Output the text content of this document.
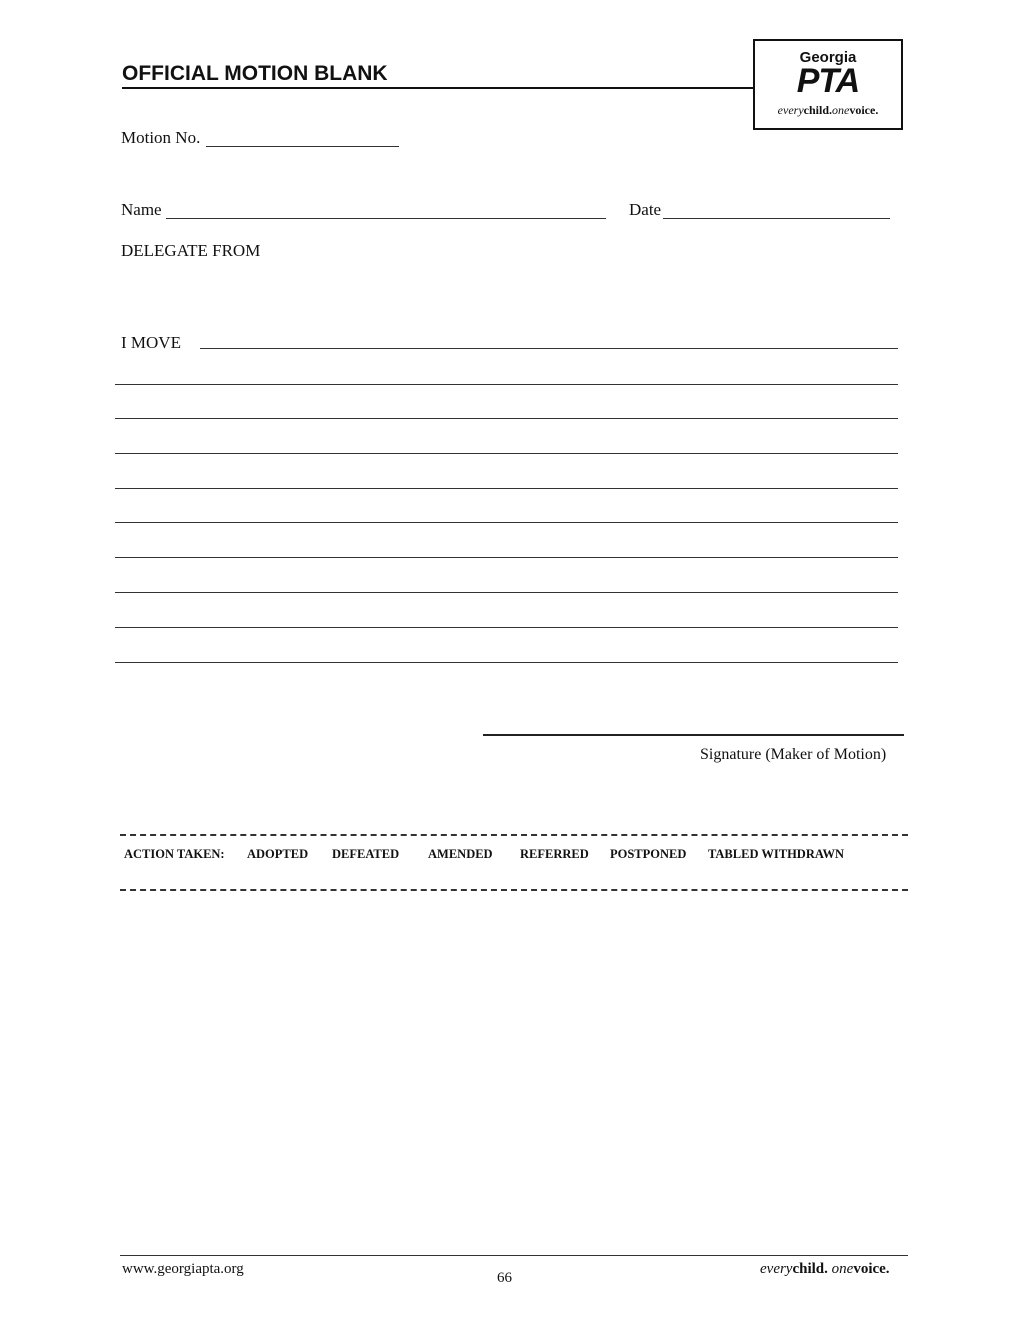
OFFICIAL MOTION BLANK
Georgia
PTA
everychild.onevoice.
Motion No.
Name	Date
DELEGATE FROM
I MOVE
Signature (Maker of Motion)
ACTION TAKEN: ADOPTED DEFEATED AMENDED REFERRED POSTPONED TABLED WITHDRAWN
www.georgiapta.org
66
everychild. onevoice.
